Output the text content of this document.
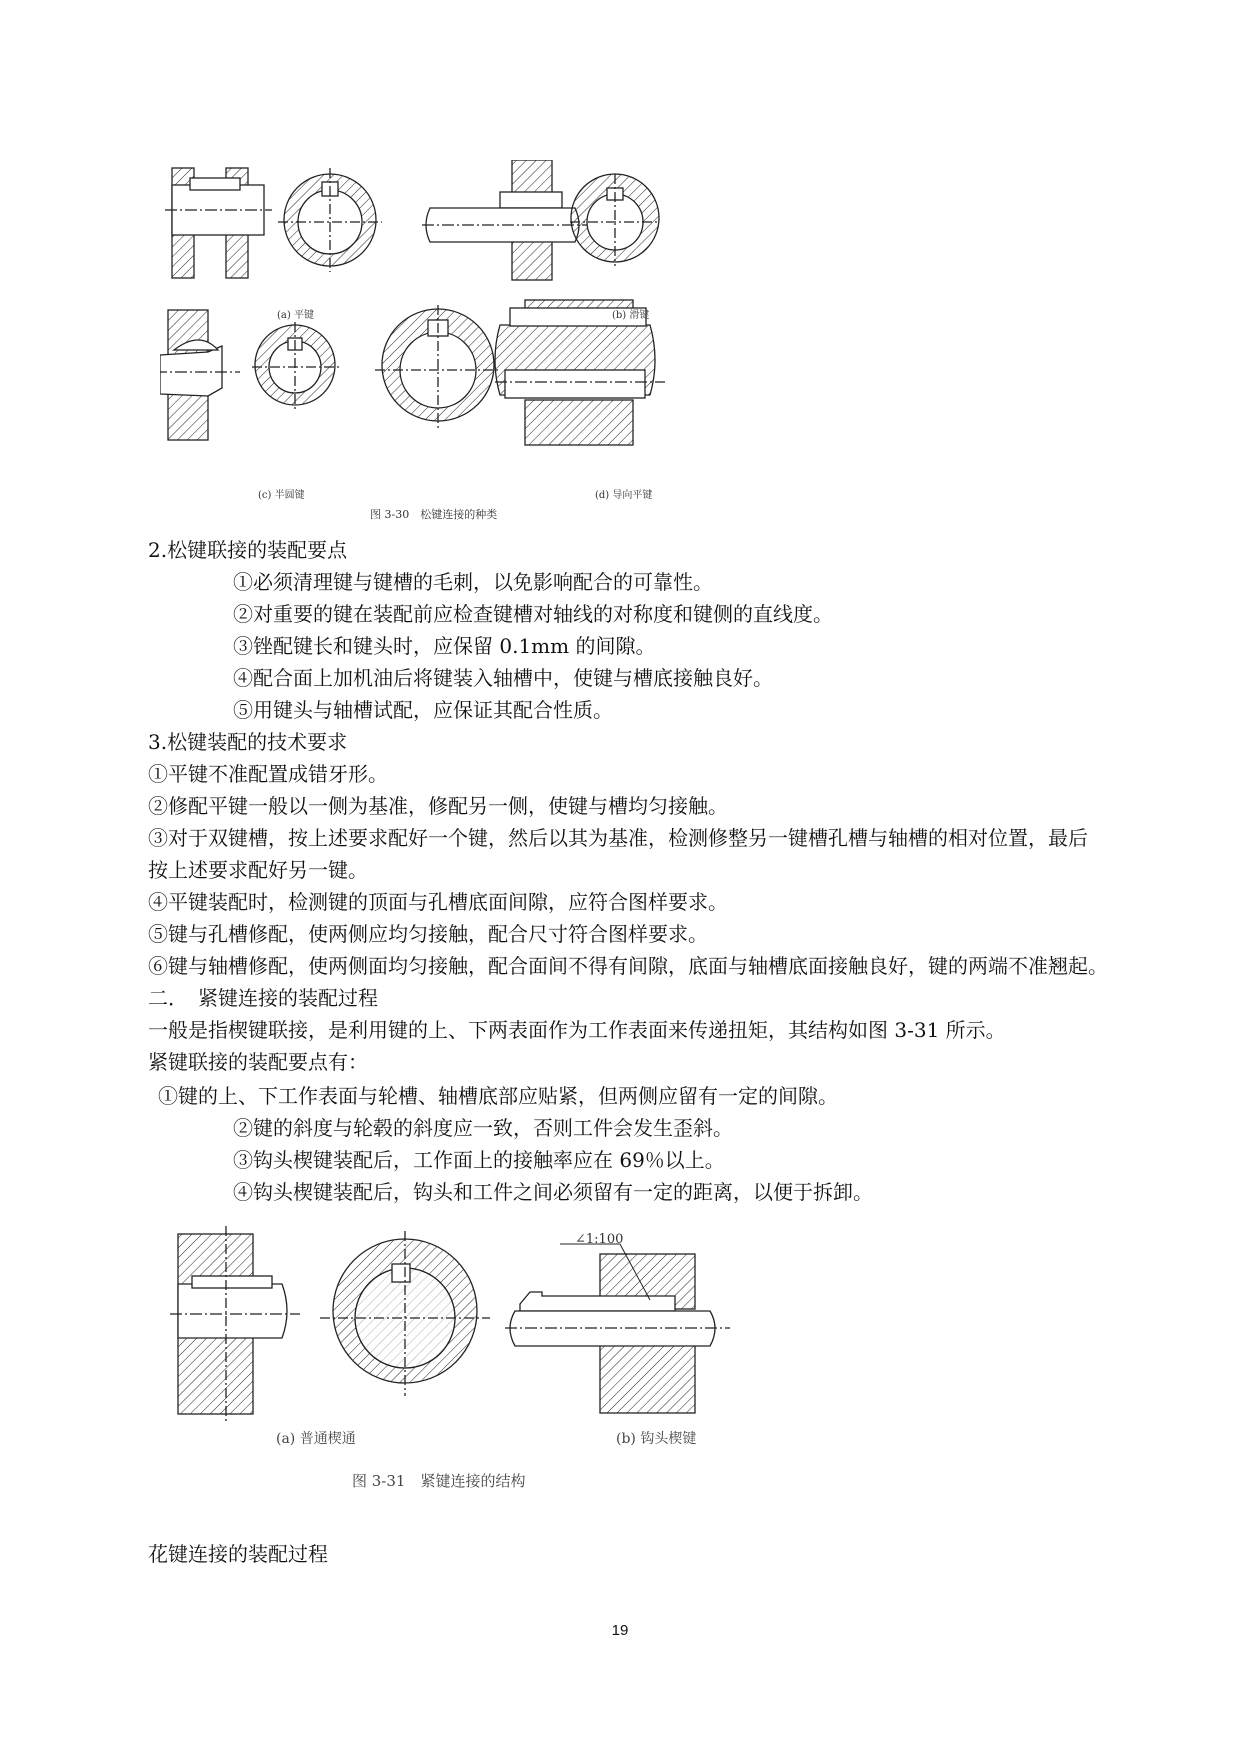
(a) 平键	(b) 滑键
(c) 半圆键	(d) 导向平键
图 3-30　松键连接的种类
2.松键联接的装配要点
①必须清理键与键槽的毛刺，以免影响配合的可靠性。
②对重要的键在装配前应检查键槽对轴线的对称度和键侧的直线度。
③锉配键长和键头时，应保留 0.1mm 的间隙。
④配合面上加机油后将键装入轴槽中，使键与槽底接触良好。
⑤用键头与轴槽试配，应保证其配合性质。
3.松键装配的技术要求
①平键不准配置成错牙形。
②修配平键一般以一侧为基准，修配另一侧，使键与槽均匀接触。
③对于双键槽，按上述要求配好一个键，然后以其为基准，检测修整另一键槽孔槽与轴槽的相对位置，最后
按上述要求配好另一键。
④平键装配时，检测键的顶面与孔槽底面间隙，应符合图样要求。
⑤键与孔槽修配，使两侧应均匀接触，配合尺寸符合图样要求。
⑥键与轴槽修配，使两侧面均匀接触，配合面间不得有间隙，底面与轴槽底面接触良好，键的两端不准翘起。
二．　紧键连接的装配过程
一般是指楔键联接，是利用键的上、下两表面作为工作表面来传递扭矩，其结构如图 3-31 所示。
紧键联接的装配要点有：
①键的上、下工作表面与轮槽、轴槽底部应贴紧，但两侧应留有一定的间隙。
②键的斜度与轮毂的斜度应一致，否则工件会发生歪斜。
③钩头楔键装配后，工作面上的接触率应在 69％以上。
④钩头楔键装配后，钩头和工件之间必须留有一定的距离，以便于拆卸。
∠1:100
(a) 普通楔通	(b) 钩头楔键
图 3-31　紧键连接的结构
花键连接的装配过程
19
